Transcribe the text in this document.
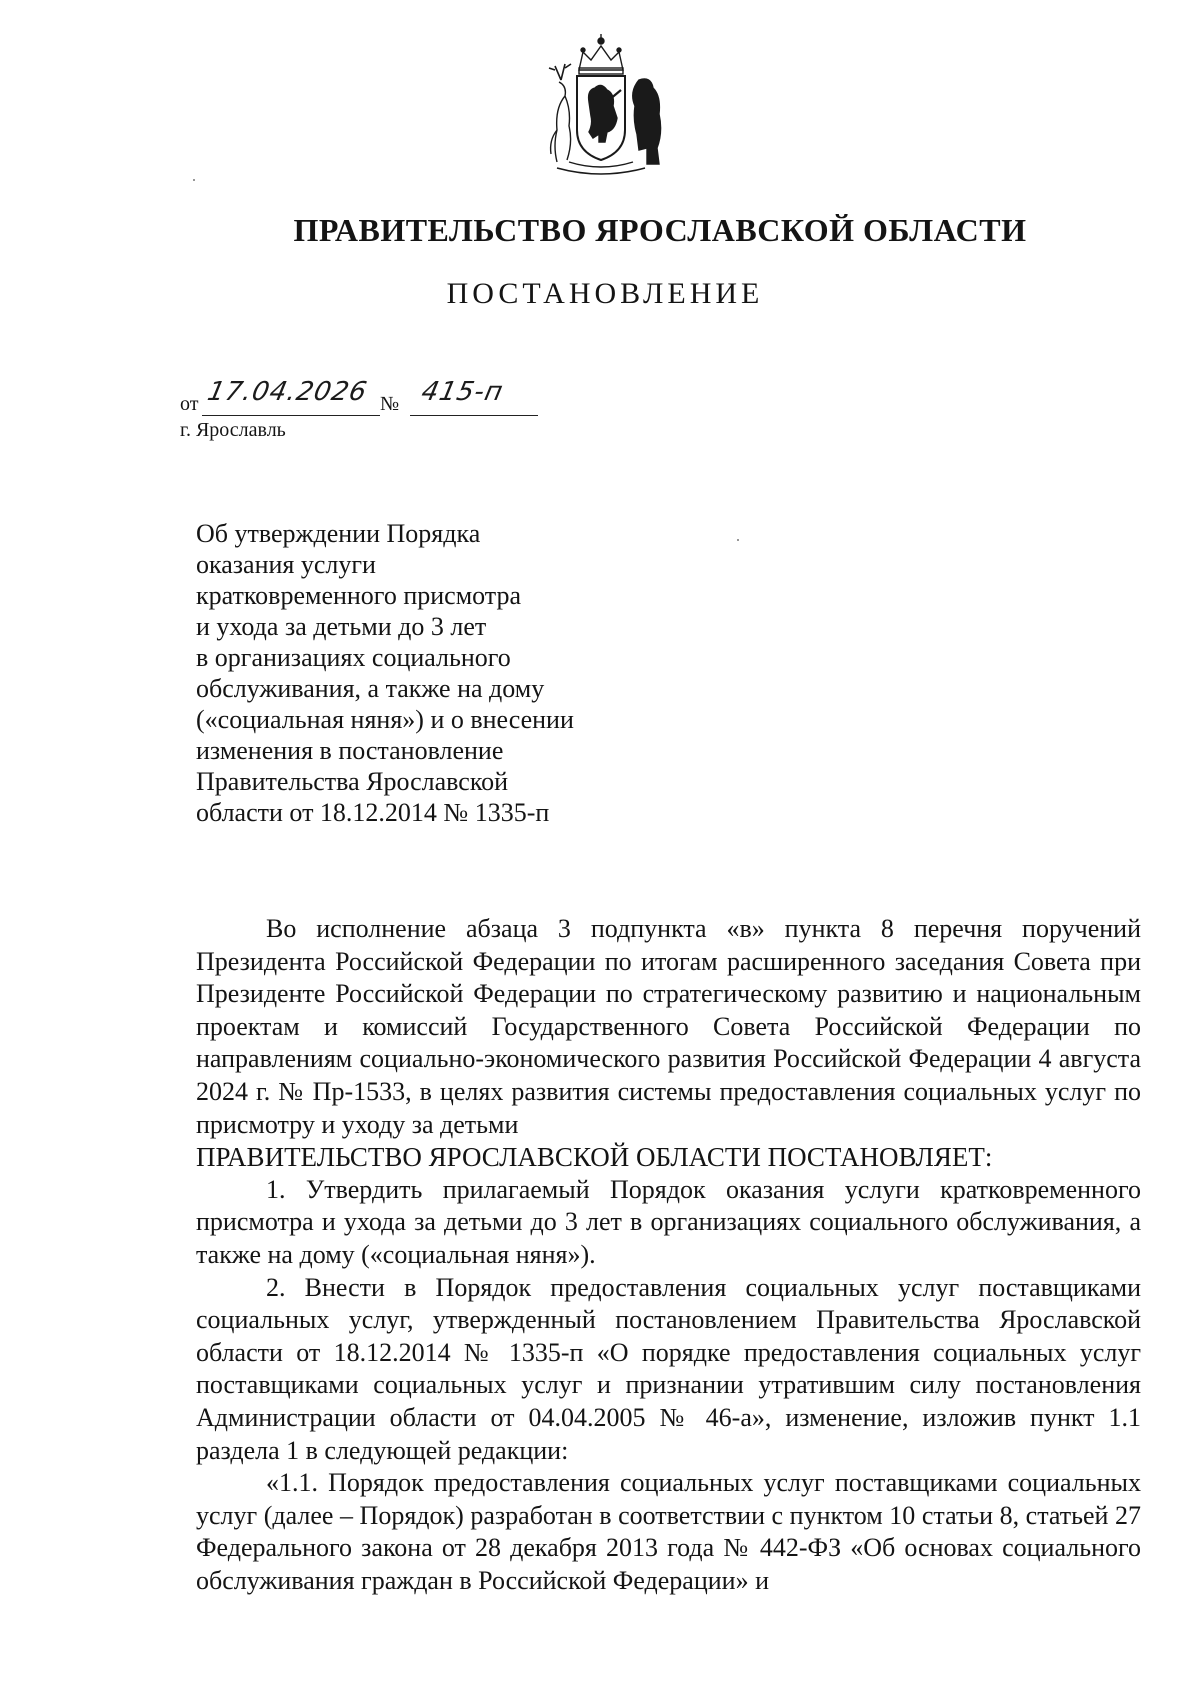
ПРАВИТЕЛЬСТВО ЯРОСЛАВСКОЙ ОБЛАСТИ
ПОСТАНОВЛЕНИЕ
от 17.04.2026 № 415-п
г. Ярославль
Об утверждении Порядка
оказания услуги
кратковременного присмотра
и ухода за детьми до 3 лет
в организациях социального
обслуживания, а также на дому
(«социальная няня») и о внесении
изменения в постановление
Правительства Ярославской
области от 18.12.2014 № 1335-п

Во исполнение абзаца 3 подпункта «в» пункта 8 перечня поручений Президента Российской Федерации по итогам расширенного заседания Совета при Президенте Российской Федерации по стратегическому развитию и национальным проектам и комиссий Государственного Совета Российской Федерации по направлениям социально-экономического развития Российской Федерации 4 августа 2024 г. № Пр-1533, в целях развития системы предоставления социальных услуг по присмотру и уходу за детьми

ПРАВИТЕЛЬСТВО ЯРОСЛАВСКОЙ ОБЛАСТИ ПОСТАНОВЛЯЕТ:

1. Утвердить прилагаемый Порядок оказания услуги кратковременного присмотра и ухода за детьми до 3 лет в организациях социального обслуживания, а также на дому («социальная няня»).

2. Внести в Порядок предоставления социальных услуг поставщиками социальных услуг, утвержденный постановлением Правительства Ярославской области от 18.12.2014 № 1335-п «О порядке предоставления социальных услуг поставщиками социальных услуг и признании утратившим силу постановления Администрации области от 04.04.2005 № 46-а», изменение, изложив пункт 1.1 раздела 1 в следующей редакции:

«1.1. Порядок предоставления социальных услуг поставщиками социальных услуг (далее – Порядок) разработан в соответствии с пунктом 10 статьи 8, статьей 27 Федерального закона от 28 декабря 2013 года № 442-ФЗ «Об основах социального обслуживания граждан в Российской Федерации» и
